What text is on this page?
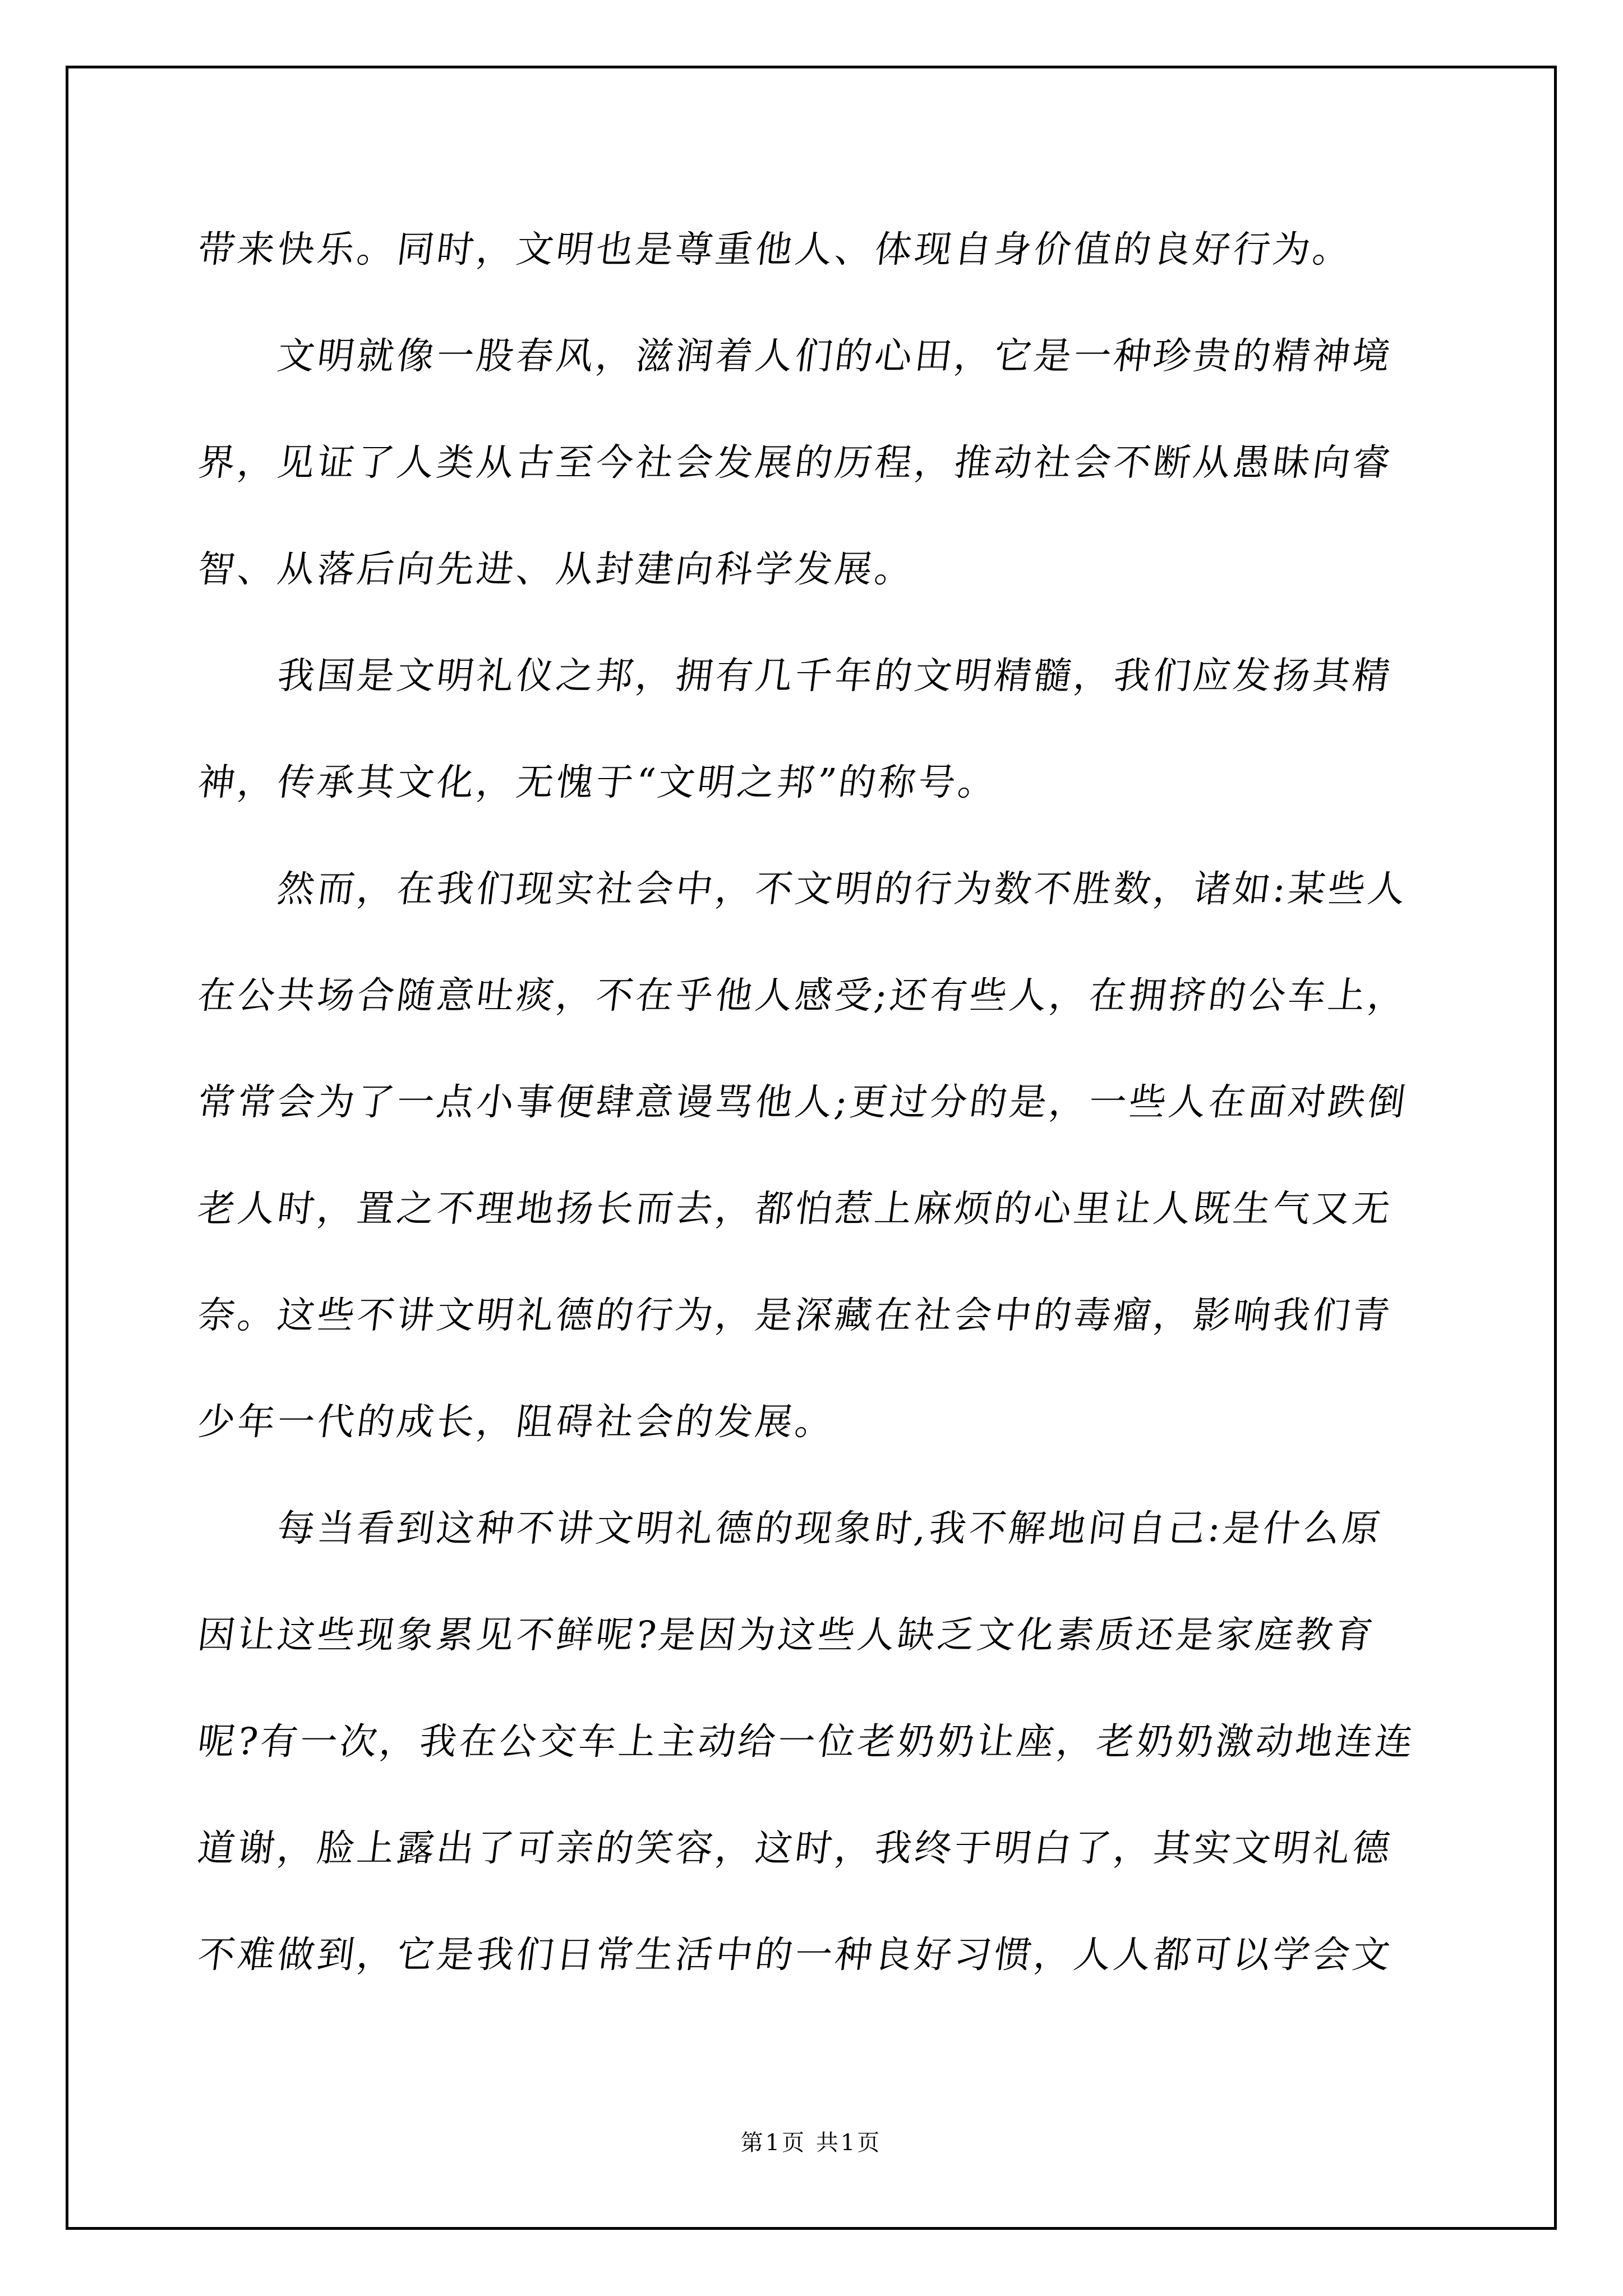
带来快乐。同时，文明也是尊重他人、体现自身价值的良好行为。
文明就像一股春风，滋润着人们的心田，它是一种珍贵的精神境
界，见证了人类从古至今社会发展的历程，推动社会不断从愚昧向睿
智、从落后向先进、从封建向科学发展。
我国是文明礼仪之邦，拥有几千年的文明精髓，我们应发扬其精
神，传承其文化，无愧于“文明之邦”的称号。
然而，在我们现实社会中，不文明的行为数不胜数，诸如:某些人
在公共场合随意吐痰，不在乎他人感受;还有些人，在拥挤的公车上，
常常会为了一点小事便肆意谩骂他人;更过分的是，一些人在面对跌倒
老人时，置之不理地扬长而去，都怕惹上麻烦的心里让人既生气又无
奈。这些不讲文明礼德的行为，是深藏在社会中的毒瘤，影响我们青
少年一代的成长，阻碍社会的发展。
每当看到这种不讲文明礼德的现象时,我不解地问自己:是什么原
因让这些现象累见不鲜呢?是因为这些人缺乏文化素质还是家庭教育
呢?有一次，我在公交车上主动给一位老奶奶让座，老奶奶激动地连连
道谢，脸上露出了可亲的笑容，这时，我终于明白了，其实文明礼德
不难做到，它是我们日常生活中的一种良好习惯，人人都可以学会文
第1页 共1页
